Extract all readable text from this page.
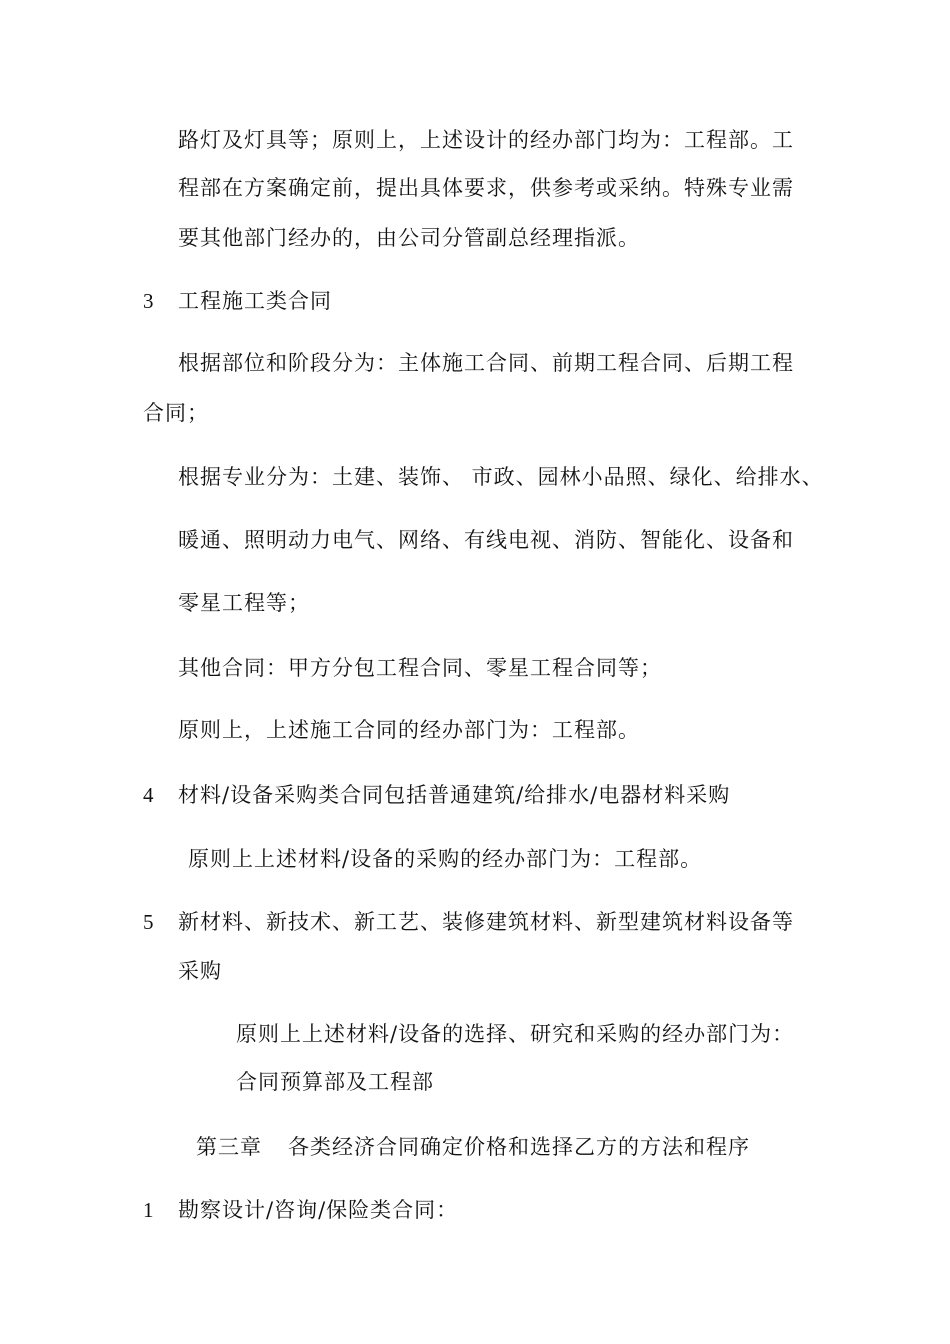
路灯及灯具等；原则上，上述设计的经办部门均为：工程部。工
程部在方案确定前，提出具体要求，供参考或采纳。特殊专业需
要其他部门经办的，由公司分管副总经理指派。
3 工程施工类合同
根据部位和阶段分为：主体施工合同、前期工程合同、后期工程
合同；
根据专业分为：土建、装饰、 市政、园林小品照、绿化、给排水、
暖通、照明动力电气、网络、有线电视、消防、智能化、设备和
零星工程等；
其他合同：甲方分包工程合同、零星工程合同等；
原则上，上述施工合同的经办部门为：工程部。
4 材料/设备采购类合同包括普通建筑/给排水/电器材料采购
原则上上述材料/设备的采购的经办部门为：工程部。
5 新材料、新技术、新工艺、装修建筑材料、新型建筑材料设备等
采购
原则上上述材料/设备的选择、研究和采购的经办部门为：
合同预算部及工程部
第三章 各类经济合同确定价格和选择乙方的方法和程序
1 勘察设计/咨询/保险类合同：
